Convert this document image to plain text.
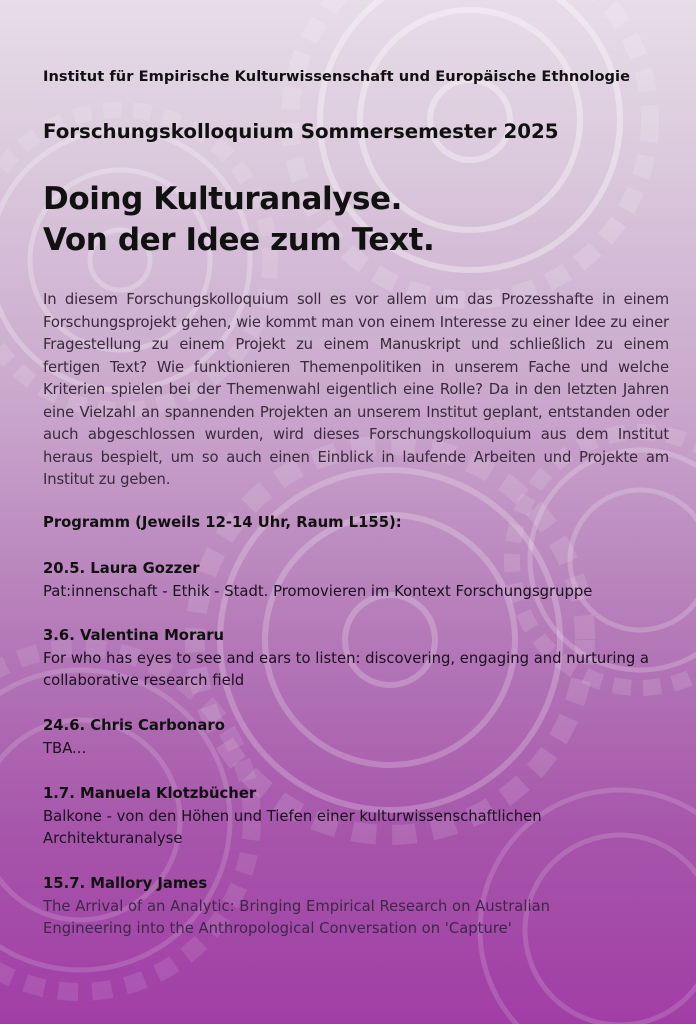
Institut für Empirische Kulturwissenschaft und Europäische Ethnologie
Forschungskolloquium Sommersemester 2025
Doing Kulturanalyse.
Von der Idee zum Text.
In diesem Forschungskolloquium soll es vor allem um das Prozesshafte in einem Forschungsprojekt gehen, wie kommt man von einem Interesse zu einer Idee zu einer Fragestellung zu einem Projekt zu einem Manuskript und schließlich zu einem fertigen Text? Wie funktionieren Themenpolitiken in unserem Fache und welche Kriterien spielen bei der Themenwahl eigentlich eine Rolle? Da in den letzten Jahren eine Vielzahl an spannenden Projekten an unserem Institut geplant, entstanden oder auch abgeschlossen wurden, wird dieses Forschungskolloquium aus dem Institut heraus bespielt, um so auch einen Einblick in laufende Arbeiten und Projekte am Institut zu geben.
Programm (Jeweils 12-14 Uhr, Raum L155):
20.5. Laura Gozzer
Pat:innenschaft - Ethik - Stadt. Promovieren im Kontext Forschungsgruppe
3.6. Valentina Moraru
For who has eyes to see and ears to listen: discovering, engaging and nurturing a collaborative research field
24.6. Chris Carbonaro
TBA...
1.7. Manuela Klotzbücher
Balkone - von den Höhen und Tiefen einer kulturwissenschaftlichen Architekturanalyse
15.7. Mallory James
The Arrival of an Analytic: Bringing Empirical Research on Australian Engineering into the Anthropological Conversation on 'Capture'
